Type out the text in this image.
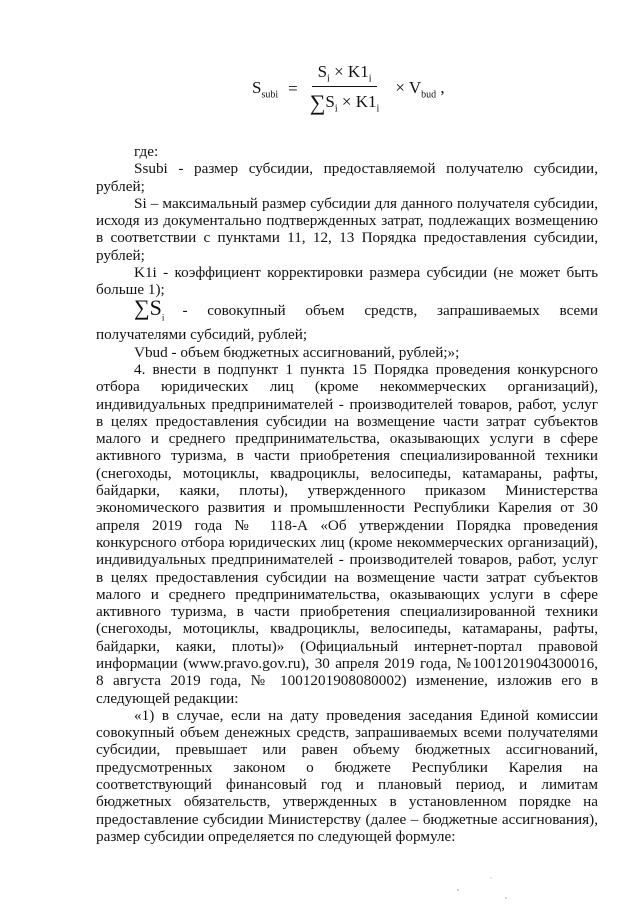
$S_{subi} = \frac{S_i \times K1_i}{\sum S_i \times K1_i} \times V_{bud}$ ,

где:

Ssubi - размер субсидии, предоставляемой получателю субсидии, рублей;

Si – максимальный размер субсидии для данного получателя субсидии, исходя из документально подтвержденных затрат, подлежащих возмещению в соответствии с пунктами 11, 12, 13 Порядка предоставления субсидии, рублей;

K1i - коэффициент корректировки размера субсидии (не может быть больше 1);

$\sum S_i$ - совокупный объем средств, запрашиваемых всеми

получателями субсидий, рублей;

Vbud - объем бюджетных ассигнований, рублей;»;

4. внести в подпункт 1 пункта 15 Порядка проведения конкурсного отбора юридических лиц (кроме некоммерческих организаций), индивидуальных предпринимателей - производителей товаров, работ, услуг в целях предоставления субсидии на возмещение части затрат субъектов малого и среднего предпринимательства, оказывающих услуги в сфере активного туризма, в части приобретения специализированной техники (снегоходы, мотоциклы, квадроциклы, велосипеды, катамараны, рафты, байдарки, каяки, плоты), утвержденного приказом Министерства экономического развития и промышленности Республики Карелия от 30 апреля 2019 года № 118-А «Об утверждении Порядка проведения конкурсного отбора юридических лиц (кроме некоммерческих организаций), индивидуальных предпринимателей - производителей товаров, работ, услуг в целях предоставления субсидии на возмещение части затрат субъектов малого и среднего предпринимательства, оказывающих услуги в сфере активного туризма, в части приобретения специализированной техники (снегоходы, мотоциклы, квадроциклы, велосипеды, катамараны, рафты, байдарки, каяки, плоты)» (Официальный интернет-портал правовой информации (www.pravo.gov.ru), 30 апреля 2019 года, №1001201904300016, 8 августа 2019 года, № 1001201908080002) изменение, изложив его в следующей редакции:

«1) в случае, если на дату проведения заседания Единой комиссии совокупный объем денежных средств, запрашиваемых всеми получателями субсидии, превышает или равен объему бюджетных ассигнований, предусмотренных законом о бюджете Республики Карелия на соответствующий финансовый год и плановый период, и лимитам бюджетных обязательств, утвержденных в установленном порядке на предоставление субсидии Министерству (далее – бюджетные ассигнования), размер субсидии определяется по следующей формуле:
